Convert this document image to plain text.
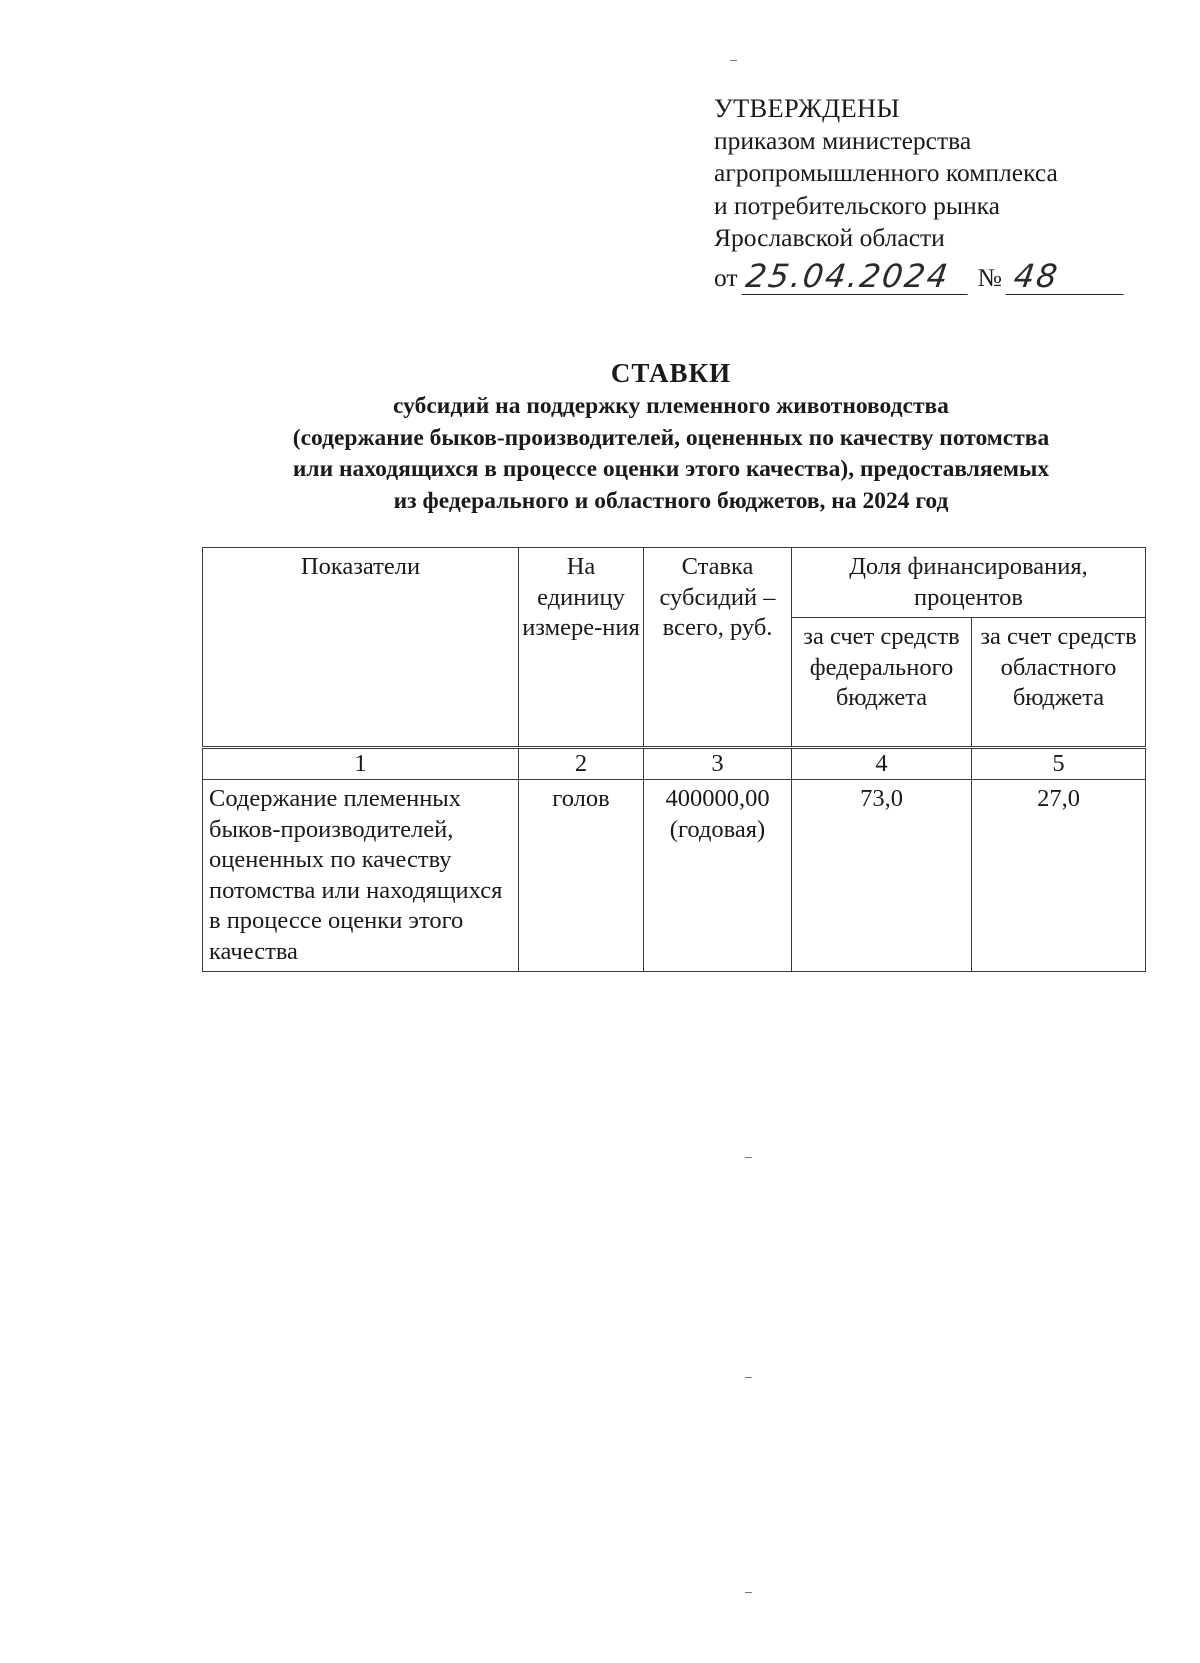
УТВЕРЖДЕНЫ
приказом министерства
агропромышленного комплекса
и потребительского рынка
Ярославской области
от 25.04.2024	№ 48
СТАВКИ
субсидий на поддержку племенного животноводства
(содержание быков-производителей, оцененных по качеству потомства
или находящихся в процессе оценки этого качества), предоставляемых
из федерального и областного бюджетов, на 2024 год
Показатели	На единицу измере-ния	Ставка субсидий – всего, руб.	Доля финансирования, процентов	
			за счет средств федерального бюджета	за счет средств областного бюджета
1	2	3	4	5
Содержание племенных быков-производителей, оцененных по качеству потомства или находящихся в процессе оценки этого качества	голов	400000,00 (годовая)	73,0	27,0
